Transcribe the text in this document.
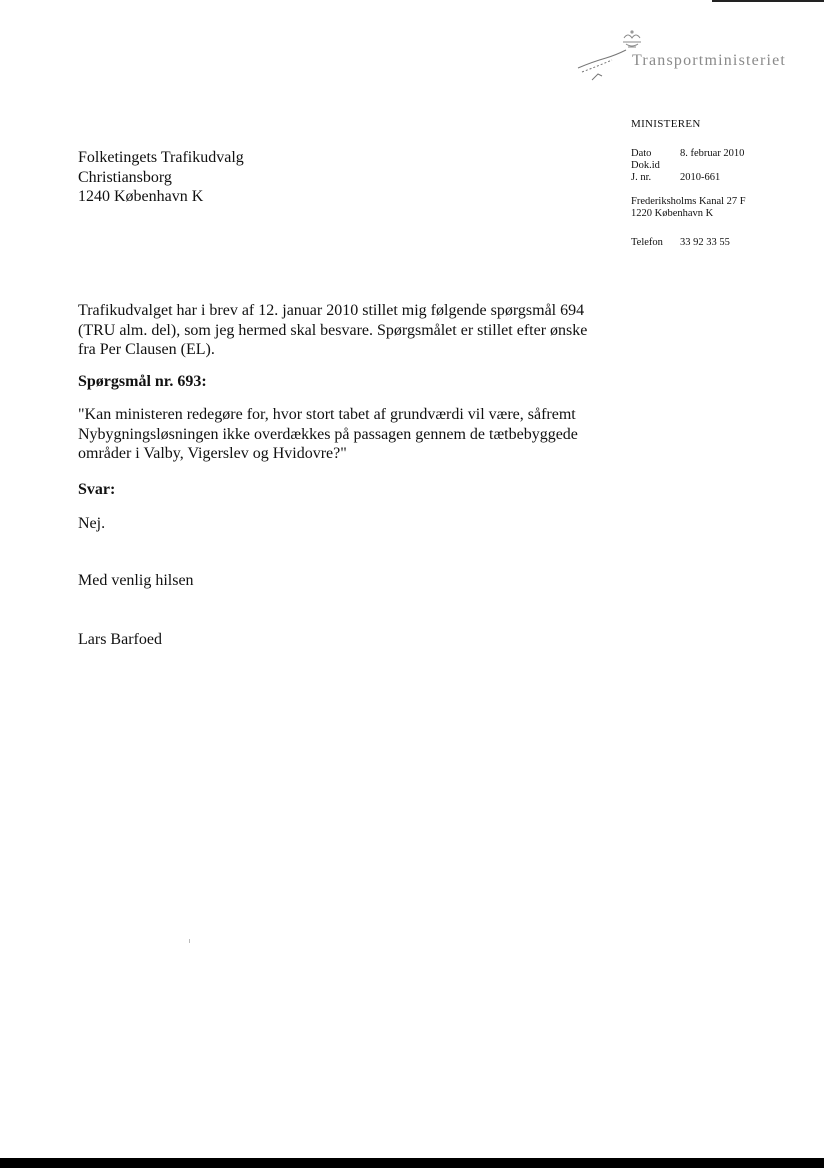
Transportministeriet
MINISTEREN
Dato	8. februar 2010
Dok.id
J. nr.	2010-661
Frederiksholms Kanal 27 F
1220 København K
Telefon 33 92 33 55
Folketingets Trafikudvalg
Christiansborg
1240 København K
Trafikudvalget har i brev af 12. januar 2010 stillet mig følgende spørgsmål 694
(TRU alm. del), som jeg hermed skal besvare. Spørgsmålet er stillet efter ønske
fra Per Clausen (EL).
Spørgsmål nr. 693:
"Kan ministeren redegøre for, hvor stort tabet af grundværdi vil være, såfremt
Nybygningsløsningen ikke overdækkes på passagen gennem de tætbebyggede
områder i Valby, Vigerslev og Hvidovre?"
Svar:
Nej.
Med venlig hilsen
Lars Barfoed
